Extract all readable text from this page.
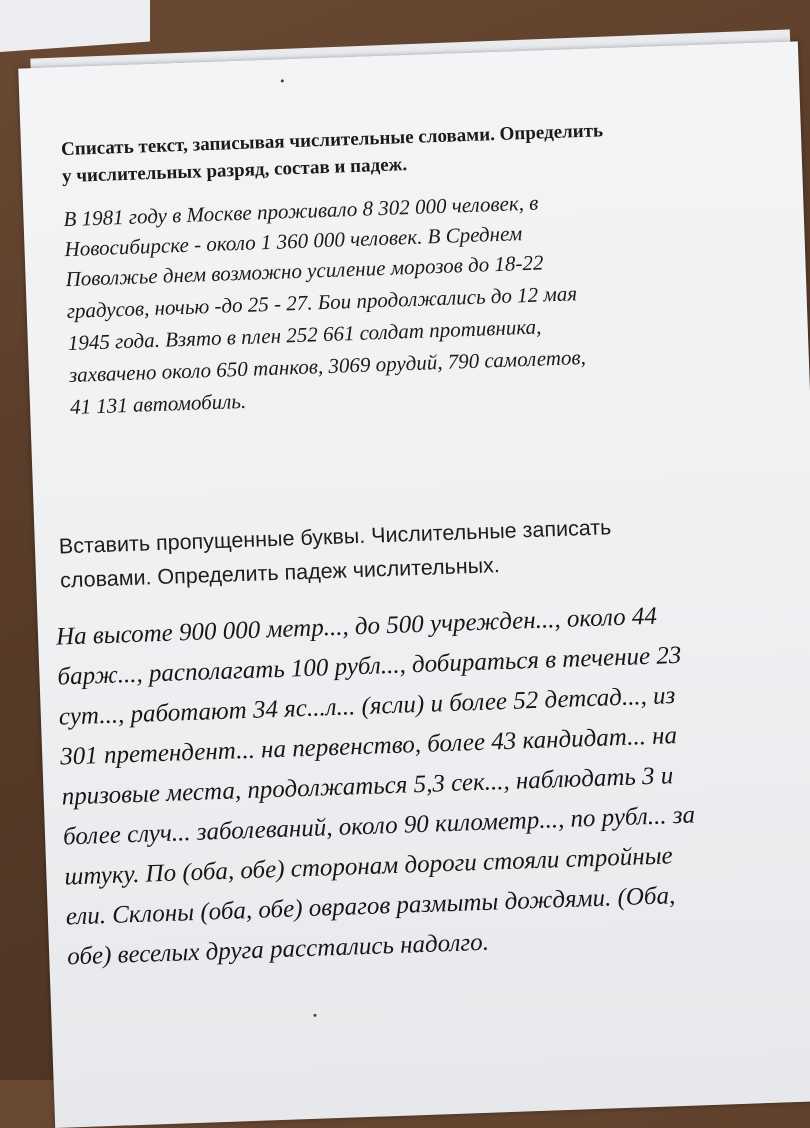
Списать текст, записывая числительные словами. Определить
у числительных разряд, состав и падеж.
В 1981 году в Москве проживало 8 302 000 человек, в
Новосибирске - около 1 360 000 человек. В Среднем
Поволжье днем возможно усиление морозов до 18-22
градусов, ночью -до 25 - 27. Бои продолжались до 12 мая
1945 года. Взято в плен 252 661 солдат противника,
захвачено около 650 танков, 3069 орудий, 790 самолетов,
41 131 автомобиль.
Вставить пропущенные буквы. Числительные записать
словами. Определить падеж числительных.
На высоте 900 000 метр..., до 500 учрежден..., около 44
барж..., располагать 100 рубл..., добираться в течение 23
сут..., работают 34 яс...л... (ясли) и более 52 детсад..., из
301 претендент... на первенство, более 43 кандидат... на
призовые места, продолжаться 5,3 сек..., наблюдать 3 и
более случ... заболеваний, около 90 километр..., по рубл... за
штуку. По (оба, обе) сторонам дороги стояли стройные
ели. Склоны (оба, обе) оврагов размыты дождями. (Оба,
обе) веселых друга расстались надолго.
